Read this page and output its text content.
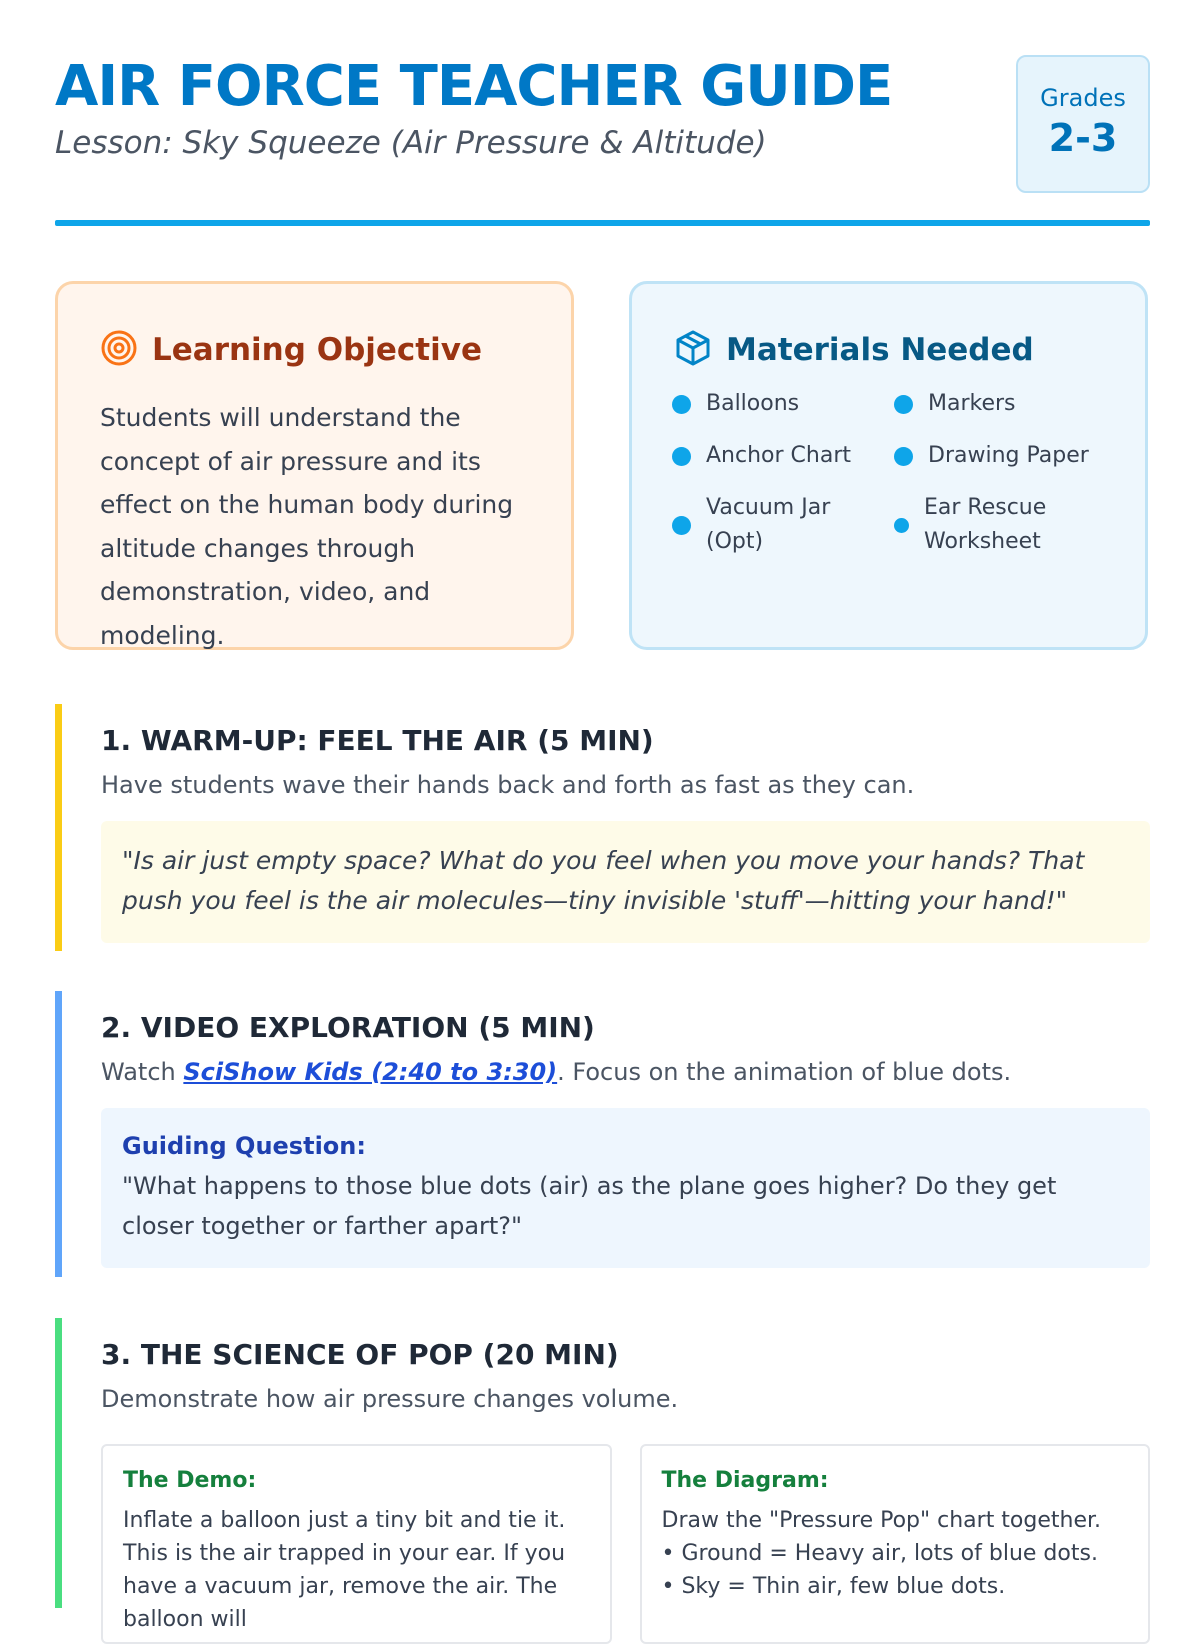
AIR FORCE TEACHER GUIDE
Lesson: Sky Squeeze (Air Pressure & Altitude)
Grades
2-3
Learning Objective
Students will understand the concept of air pressure and its effect on the human body during altitude changes through demonstration, video, and modeling.
Materials Needed
Balloons	Markers
Anchor Chart	Drawing Paper
Vacuum Jar (Opt)
Ear Rescue Worksheet
1. WARM-UP: FEEL THE AIR (5 MIN)
Have students wave their hands back and forth as fast as they can.
"Is air just empty space? What do you feel when you move your hands? That push you feel is the air molecules—tiny invisible 'stuff'—hitting your hand!"
2. VIDEO EXPLORATION (5 MIN)
Watch SciShow Kids (2:40 to 3:30). Focus on the animation of blue dots.
Guiding Question:
"What happens to those blue dots (air) as the plane goes higher? Do they get closer together or farther apart?"
3. THE SCIENCE OF POP (20 MIN)
Demonstrate how air pressure changes volume.
The Demo:
Inflate a balloon just a tiny bit and tie it. This is the air trapped in your ear. If you have a vacuum jar, remove the air. The balloon will
The Diagram:
Draw the "Pressure Pop" chart together.
• Ground = Heavy air, lots of blue dots.
• Sky = Thin air, few blue dots.
